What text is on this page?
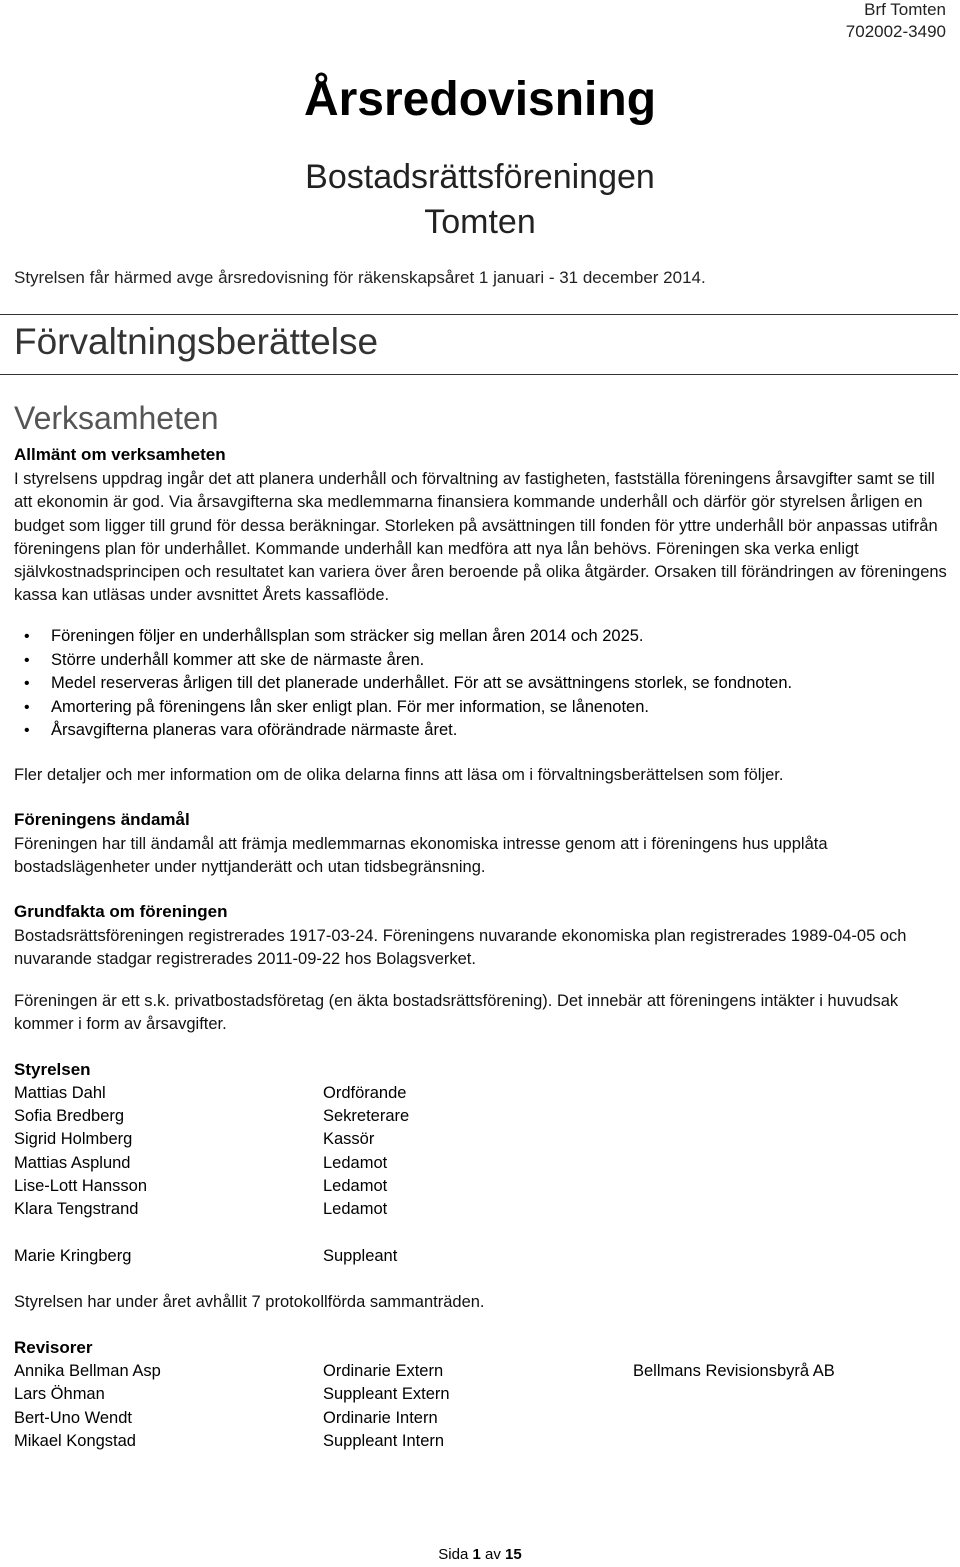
Brf Tomten
702002-3490
Årsredovisning
Bostadsrättsföreningen
Tomten
Styrelsen får härmed avge årsredovisning för räkenskapsåret 1 januari - 31 december 2014.
Förvaltningsberättelse
Verksamheten
Allmänt om verksamheten
I styrelsens uppdrag ingår det att planera underhåll och förvaltning av fastigheten, fastställa föreningens årsavgifter samt se till att ekonomin är god. Via årsavgifterna ska medlemmarna finansiera kommande underhåll och därför gör styrelsen årligen en budget som ligger till grund för dessa beräkningar. Storleken på avsättningen till fonden för yttre underhåll bör anpassas utifrån föreningens plan för underhållet. Kommande underhåll kan medföra att nya lån behövs. Föreningen ska verka enligt självkostnadsprincipen och resultatet kan variera över åren beroende på olika åtgärder. Orsaken till förändringen av föreningens kassa kan utläsas under avsnittet Årets kassaflöde.
• Föreningen följer en underhållsplan som sträcker sig mellan åren 2014 och 2025.
• Större underhåll kommer att ske de närmaste åren.
• Medel reserveras årligen till det planerade underhållet. För att se avsättningens storlek, se fondnoten.
• Amortering på föreningens lån sker enligt plan. För mer information, se lånenoten.
• Årsavgifterna planeras vara oförändrade närmaste året.
Fler detaljer och mer information om de olika delarna finns att läsa om i förvaltningsberättelsen som följer.
Föreningens ändamål
Föreningen har till ändamål att främja medlemmarnas ekonomiska intresse genom att i föreningens hus upplåta bostadslägenheter under nyttjanderätt och utan tidsbegränsning.
Grundfakta om föreningen
Bostadsrättsföreningen registrerades 1917-03-24. Föreningens nuvarande ekonomiska plan registrerades 1989-04-05 och nuvarande stadgar registrerades 2011-09-22 hos Bolagsverket.
Föreningen är ett s.k. privatbostadsföretag (en äkta bostadsrättsförening). Det innebär att föreningens intäkter i huvudsak kommer i form av årsavgifter.
Styrelsen
Mattias Dahl	Ordförande
Sofia Bredberg	Sekreterare
Sigrid Holmberg	Kassör
Mattias Asplund	Ledamot
Lise-Lott Hansson	Ledamot
Klara Tengstrand	Ledamot
Marie Kringberg	Suppleant
Styrelsen har under året avhållit 7 protokollförda sammanträden.
Revisorer
Annika Bellman Asp	Ordinarie Extern	Bellmans Revisionsbyrå AB
Lars Öhman	Suppleant Extern
Bert-Uno Wendt	Ordinarie Intern
Mikael Kongstad	Suppleant Intern
Sida 1 av 15
